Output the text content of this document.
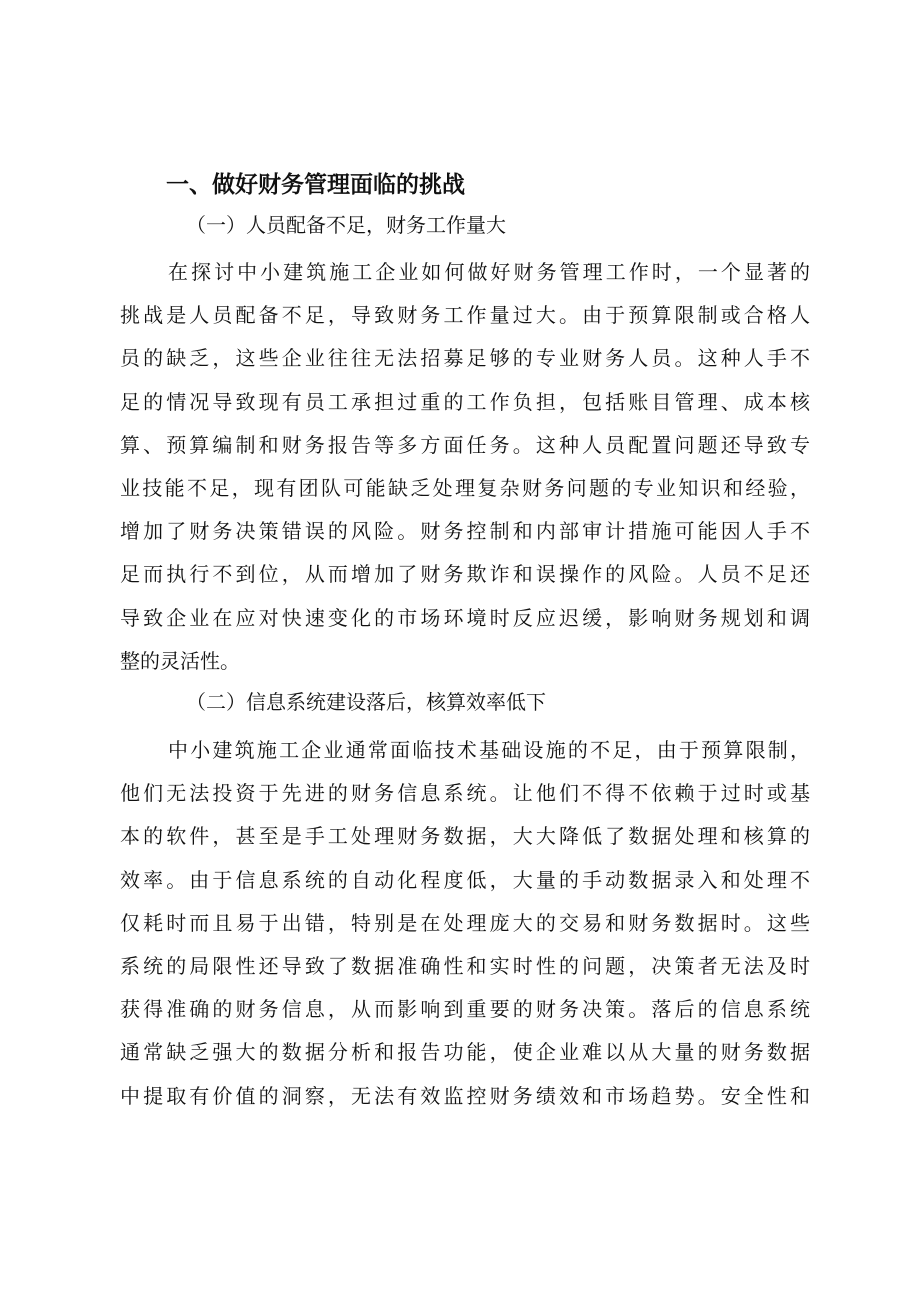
一、做好财务管理面临的挑战
（一）人员配备不足，财务工作量大
在探讨中小建筑施工企业如何做好财务管理工作时，一个显著的
挑战是人员配备不足，导致财务工作量过大。由于预算限制或合格人
员的缺乏，这些企业往往无法招募足够的专业财务人员。这种人手不
足的情况导致现有员工承担过重的工作负担，包括账目管理、成本核
算、预算编制和财务报告等多方面任务。这种人员配置问题还导致专
业技能不足，现有团队可能缺乏处理复杂财务问题的专业知识和经验，
增加了财务决策错误的风险。财务控制和内部审计措施可能因人手不
足而执行不到位，从而增加了财务欺诈和误操作的风险。人员不足还
导致企业在应对快速变化的市场环境时反应迟缓，影响财务规划和调
整的灵活性。
（二）信息系统建设落后，核算效率低下
中小建筑施工企业通常面临技术基础设施的不足，由于预算限制，
他们无法投资于先进的财务信息系统。让他们不得不依赖于过时或基
本的软件，甚至是手工处理财务数据，大大降低了数据处理和核算的
效率。由于信息系统的自动化程度低，大量的手动数据录入和处理不
仅耗时而且易于出错，特别是在处理庞大的交易和财务数据时。这些
系统的局限性还导致了数据准确性和实时性的问题，决策者无法及时
获得准确的财务信息，从而影响到重要的财务决策。落后的信息系统
通常缺乏强大的数据分析和报告功能，使企业难以从大量的财务数据
中提取有价值的洞察，无法有效监控财务绩效和市场趋势。安全性和
